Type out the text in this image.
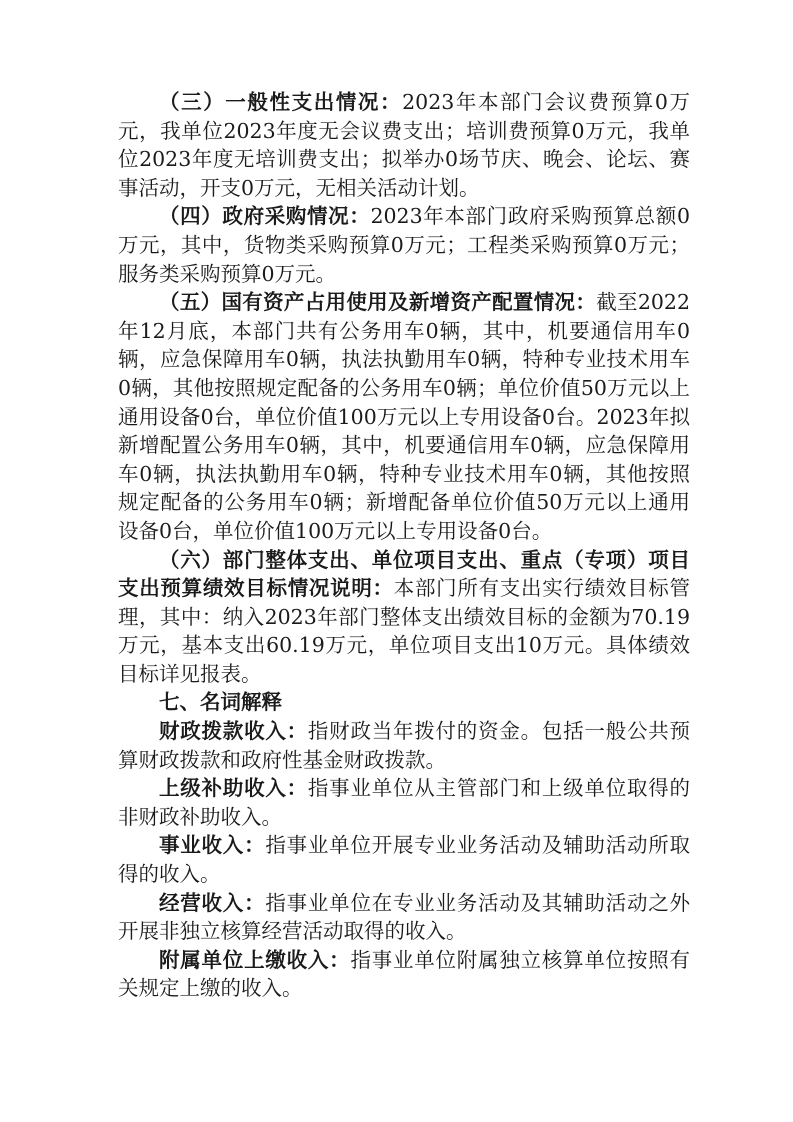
（三）一般性支出情况：2023年本部门会议费预算0万元，我单位2023年度无会议费支出；培训费预算0万元，我单位2023年度无培训费支出；拟举办0场节庆、晚会、论坛、赛事活动，开支0万元，无相关活动计划。

（四）政府采购情况：2023年本部门政府采购预算总额0万元，其中，货物类采购预算0万元；工程类采购预算0万元；服务类采购预算0万元。

（五）国有资产占用使用及新增资产配置情况：截至2022年12月底，本部门共有公务用车0辆，其中，机要通信用车0辆，应急保障用车0辆，执法执勤用车0辆，特种专业技术用车0辆，其他按照规定配备的公务用车0辆；单位价值50万元以上通用设备0台，单位价值100万元以上专用设备0台。2023年拟新增配置公务用车0辆，其中，机要通信用车0辆，应急保障用车0辆，执法执勤用车0辆，特种专业技术用车0辆，其他按照规定配备的公务用车0辆；新增配备单位价值50万元以上通用设备0台，单位价值100万元以上专用设备0台。

（六）部门整体支出、单位项目支出、重点（专项）项目支出预算绩效目标情况说明：本部门所有支出实行绩效目标管理，其中：纳入2023年部门整体支出绩效目标的金额为70.19万元，基本支出60.19万元，单位项目支出10万元。具体绩效目标详见报表。

七、名词解释

财政拨款收入：指财政当年拨付的资金。包括一般公共预算财政拨款和政府性基金财政拨款。

上级补助收入：指事业单位从主管部门和上级单位取得的非财政补助收入。

事业收入：指事业单位开展专业业务活动及辅助活动所取得的收入。

经营收入：指事业单位在专业业务活动及其辅助活动之外开展非独立核算经营活动取得的收入。

附属单位上缴收入：指事业单位附属独立核算单位按照有关规定上缴的收入。
